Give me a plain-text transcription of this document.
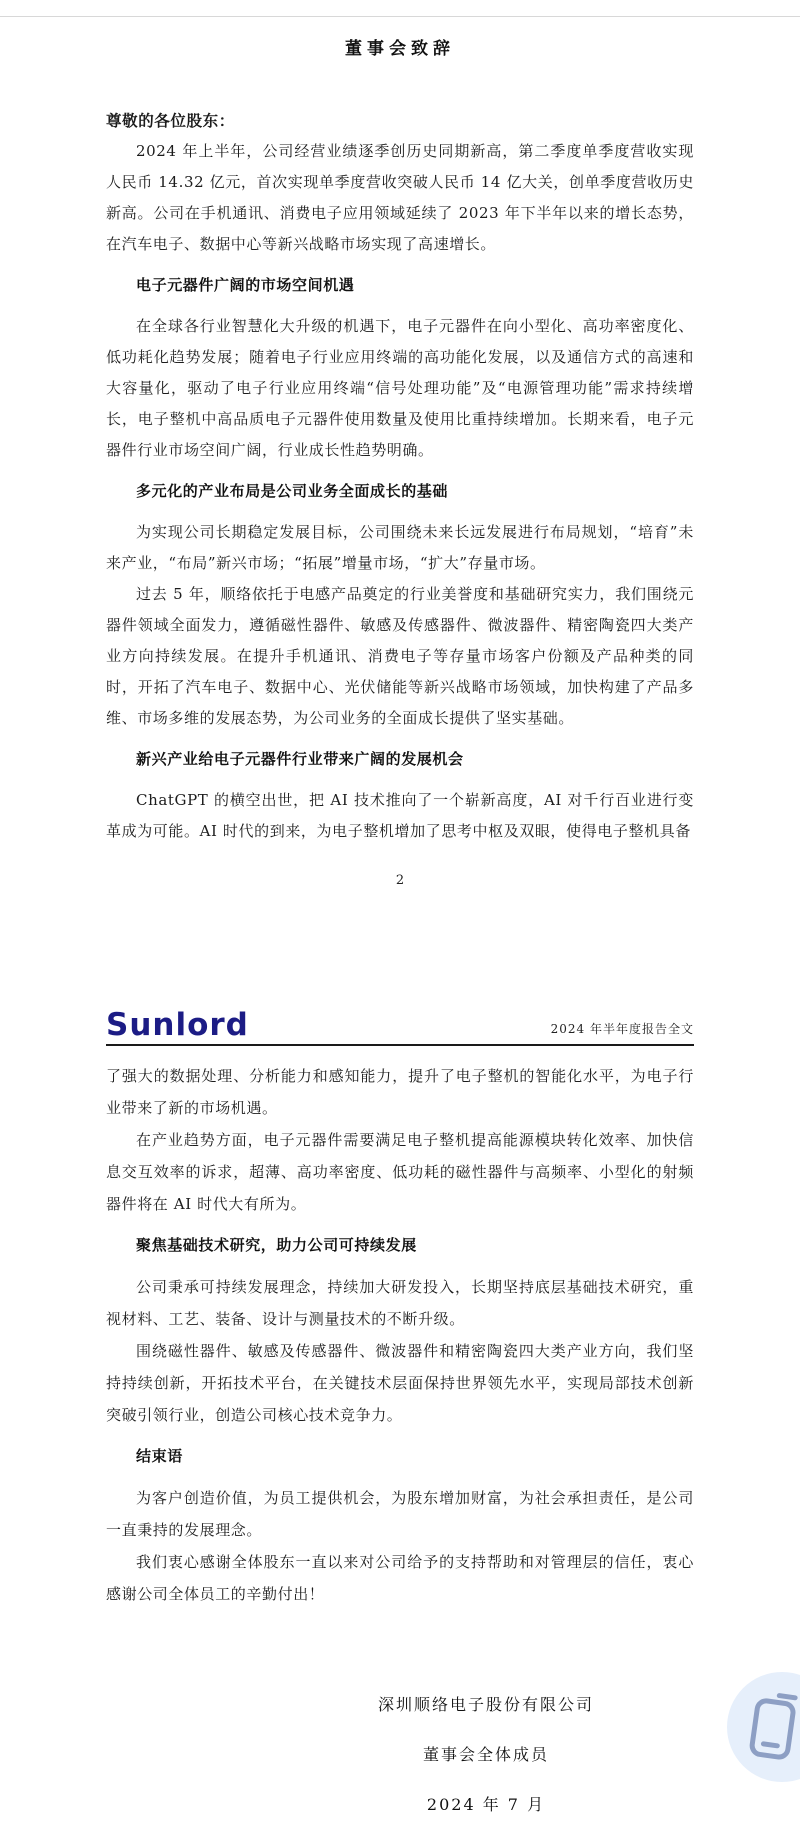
董事会致辞

尊敬的各位股东：

2024 年上半年，公司经营业绩逐季创历史同期新高，第二季度单季度营收实现人民币 14.32 亿元，首次实现单季度营收突破人民币 14 亿大关，创单季度营收历史新高。公司在手机通讯、消费电子应用领域延续了 2023 年下半年以来的增长态势，在汽车电子、数据中心等新兴战略市场实现了高速增长。

电子元器件广阔的市场空间机遇

在全球各行业智慧化大升级的机遇下，电子元器件在向小型化、高功率密度化、低功耗化趋势发展；随着电子行业应用终端的高功能化发展，以及通信方式的高速和大容量化，驱动了电子行业应用终端“信号处理功能”及“电源管理功能”需求持续增长，电子整机中高品质电子元器件使用数量及使用比重持续增加。长期来看，电子元器件行业市场空间广阔，行业成长性趋势明确。

多元化的产业布局是公司业务全面成长的基础

为实现公司长期稳定发展目标，公司围绕未来长远发展进行布局规划，“培育”未来产业，“布局”新兴市场；“拓展”增量市场，“扩大”存量市场。

过去 5 年，顺络依托于电感产品奠定的行业美誉度和基础研究实力，我们围绕元器件领域全面发力，遵循磁性器件、敏感及传感器件、微波器件、精密陶瓷四大类产业方向持续发展。在提升手机通讯、消费电子等存量市场客户份额及产品种类的同时，开拓了汽车电子、数据中心、光伏储能等新兴战略市场领域，加快构建了产品多维、市场多维的发展态势，为公司业务的全面成长提供了坚实基础。

新兴产业给电子元器件行业带来广阔的发展机会

ChatGPT 的横空出世，把 AI 技术推向了一个崭新高度，AI 对千行百业进行变革成为可能。AI 时代的到来，为电子整机增加了思考中枢及双眼，使得电子整机具备

2
Sunlord	2024 年半年度报告全文

了强大的数据处理、分析能力和感知能力，提升了电子整机的智能化水平，为电子行业带来了新的市场机遇。

在产业趋势方面，电子元器件需要满足电子整机提高能源模块转化效率、加快信息交互效率的诉求，超薄、高功率密度、低功耗的磁性器件与高频率、小型化的射频器件将在 AI 时代大有所为。

聚焦基础技术研究，助力公司可持续发展

公司秉承可持续发展理念，持续加大研发投入，长期坚持底层基础技术研究，重视材料、工艺、装备、设计与测量技术的不断升级。

围绕磁性器件、敏感及传感器件、微波器件和精密陶瓷四大类产业方向，我们坚持持续创新，开拓技术平台，在关键技术层面保持世界领先水平，实现局部技术创新突破引领行业，创造公司核心技术竞争力。

结束语

为客户创造价值，为员工提供机会，为股东增加财富，为社会承担责任，是公司一直秉持的发展理念。

我们衷心感谢全体股东一直以来对公司给予的支持帮助和对管理层的信任，衷心感谢公司全体员工的辛勤付出！

深圳顺络电子股份有限公司
董事会全体成员
2024 年 7 月
